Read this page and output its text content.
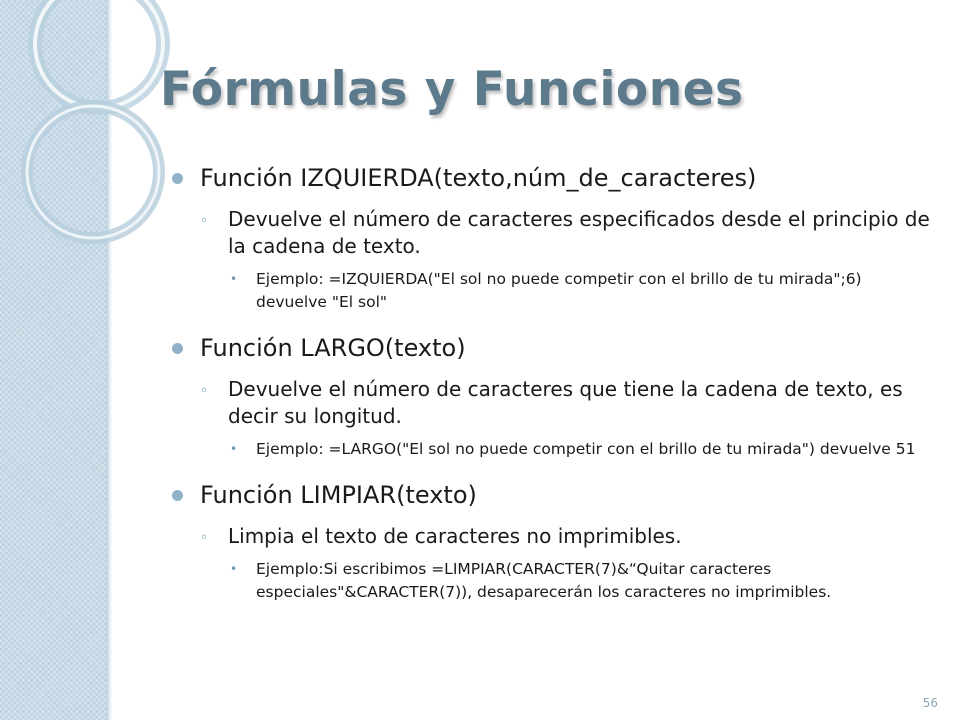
Fórmulas y Funciones
Función IZQUIERDA(texto,núm_de_caracteres)
◦ Devuelve el número de caracteres especificados desde el principio de la cadena de texto.
• Ejemplo: =IZQUIERDA("El sol no puede competir con el brillo de tu mirada";6) devuelve "El sol"
Función LARGO(texto)
◦ Devuelve el número de caracteres que tiene la cadena de texto, es decir su longitud.
• Ejemplo: =LARGO("El sol no puede competir con el brillo de tu mirada") devuelve 51
Función LIMPIAR(texto)
◦ Limpia el texto de caracteres no imprimibles.
• Ejemplo:Si escribimos =LIMPIAR(CARACTER(7)&“Quitar caracteres especiales"&CARACTER(7)), desaparecerán los caracteres no imprimibles.
56
